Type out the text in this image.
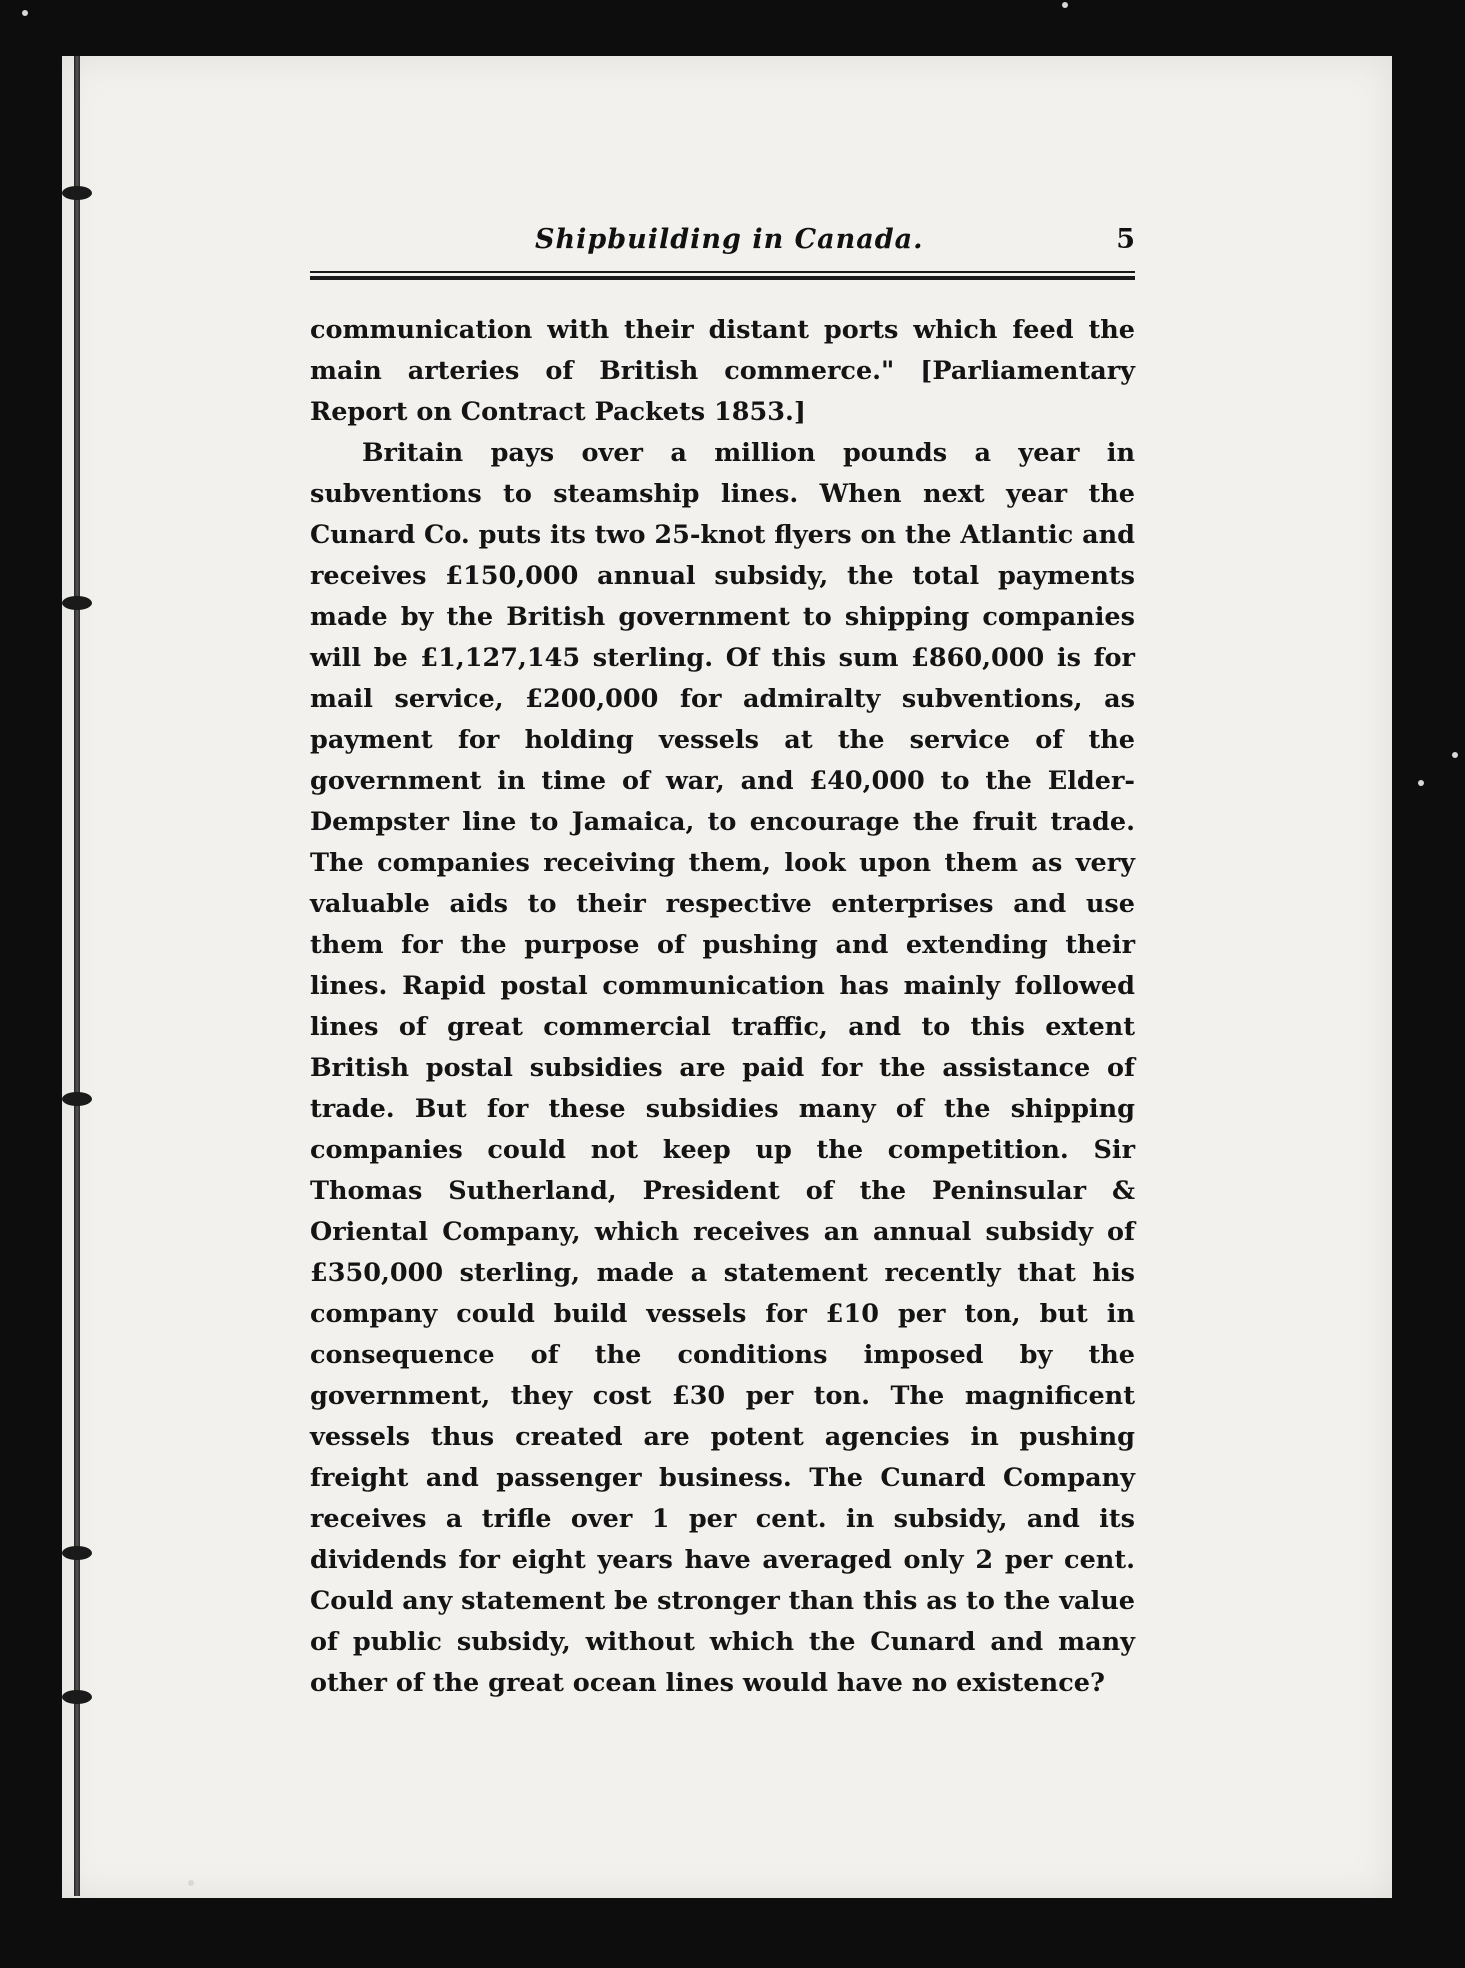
Shipbuilding in Canada.	5

communication with their distant ports which feed the main arteries of British commerce." [Parliamentary Report on Contract Packets 1853.]

Britain pays over a million pounds a year in subventions to steamship lines. When next year the Cunard Co. puts its two 25-knot flyers on the Atlantic and receives £150,000 annual subsidy, the total payments made by the British government to shipping companies will be £1,127,145 sterling. Of this sum £860,000 is for mail service, £200,000 for admiralty subventions, as payment for holding vessels at the service of the government in time of war, and £40,000 to the Elder-Dempster line to Jamaica, to encourage the fruit trade. The companies receiving them, look upon them as very valuable aids to their respective enterprises and use them for the purpose of pushing and extending their lines. Rapid postal communication has mainly followed lines of great commercial traffic, and to this extent British postal subsidies are paid for the assistance of trade. But for these subsidies many of the shipping companies could not keep up the competition. Sir Thomas Sutherland, President of the Peninsular & Oriental Company, which receives an annual subsidy of £350,000 sterling, made a statement recently that his company could build vessels for £10 per ton, but in consequence of the conditions imposed by the government, they cost £30 per ton. The magnificent vessels thus created are potent agencies in pushing freight and passenger business. The Cunard Company receives a trifle over 1 per cent. in subsidy, and its dividends for eight years have averaged only 2 per cent. Could any statement be stronger than this as to the value of public subsidy, without which the Cunard and many other of the great ocean lines would have no existence?
